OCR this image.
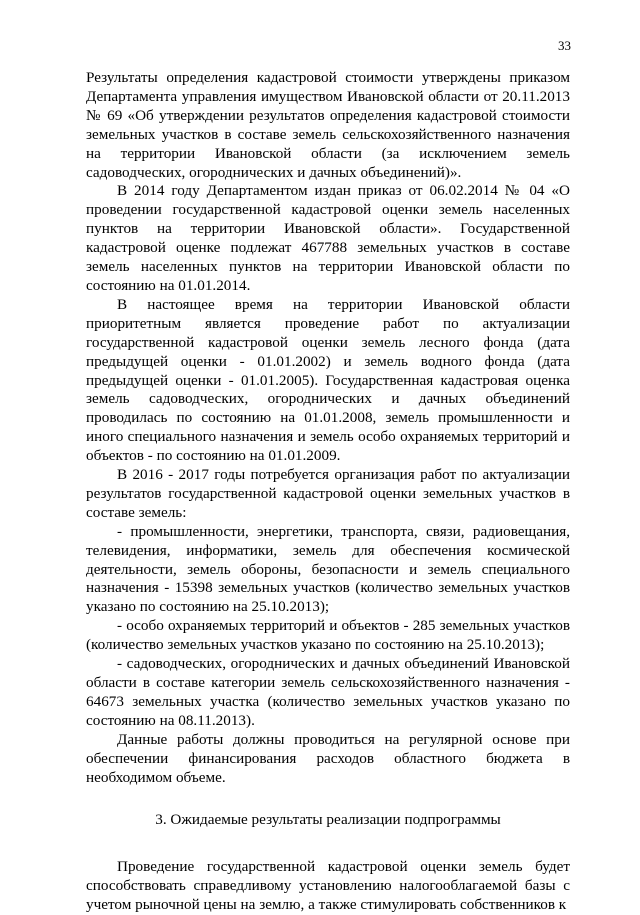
33

Результаты определения кадастровой стоимости утверждены приказом Департамента управления имуществом Ивановской области от 20.11.2013 № 69 «Об утверждении результатов определения кадастровой стоимости земельных участков в составе земель сельскохозяйственного назначения на территории Ивановской области (за исключением земель садоводческих, огороднических и дачных объединений)».

В 2014 году Департаментом издан приказ от 06.02.2014 № 04 «О проведении государственной кадастровой оценки земель населенных пунктов на территории Ивановской области». Государственной кадастровой оценке подлежат 467788 земельных участков в составе земель населенных пунктов на территории Ивановской области по состоянию на 01.01.2014.

В настоящее время на территории Ивановской области приоритетным является проведение работ по актуализации государственной кадастровой оценки земель лесного фонда (дата предыдущей оценки - 01.01.2002) и земель водного фонда (дата предыдущей оценки - 01.01.2005). Государственная кадастровая оценка земель садоводческих, огороднических и дачных объединений проводилась по состоянию на 01.01.2008, земель промышленности и иного специального назначения и земель особо охраняемых территорий и объектов - по состоянию на 01.01.2009.

В 2016 - 2017 годы потребуется организация работ по актуализации результатов государственной кадастровой оценки земельных участков в составе земель:

- промышленности, энергетики, транспорта, связи, радиовещания, телевидения, информатики, земель для обеспечения космической деятельности, земель обороны, безопасности и земель специального назначения - 15398 земельных участков (количество земельных участков указано по состоянию на 25.10.2013);

- особо охраняемых территорий и объектов - 285 земельных участков (количество земельных участков указано по состоянию на 25.10.2013);

- садоводческих, огороднических и дачных объединений Ивановской области в составе категории земель сельскохозяйственного назначения - 64673 земельных участка (количество земельных участков указано по состоянию на 08.11.2013).

Данные работы должны проводиться на регулярной основе при обеспечении финансирования расходов областного бюджета в необходимом объеме.

3. Ожидаемые результаты реализации подпрограммы

Проведение государственной кадастровой оценки земель будет способствовать справедливому установлению налогооблагаемой базы с учетом рыночной цены на землю, а также стимулировать собственников к
